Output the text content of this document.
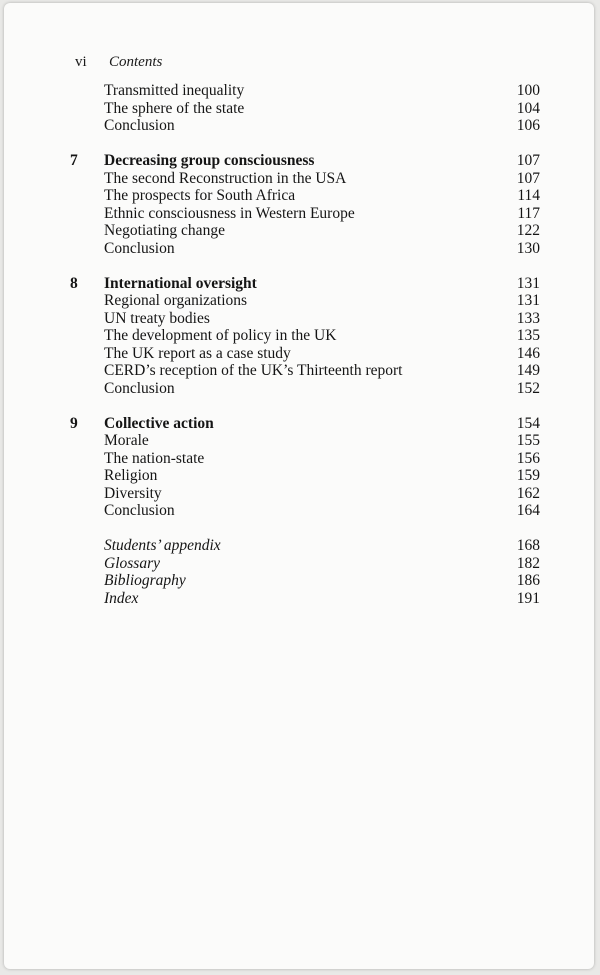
vi Contents
Transmitted inequality	100
The sphere of the state	104
Conclusion	106
7	Decreasing group consciousness	107
The second Reconstruction in the USA	107
The prospects for South Africa	114
Ethnic consciousness in Western Europe	117
Negotiating change	122
Conclusion	130
8	International oversight	131
Regional organizations	131
UN treaty bodies	133
The development of policy in the UK	135
The UK report as a case study	146
CERD’s reception of the UK’s Thirteenth report	149
Conclusion	152
9	Collective action	154
Morale	155
The nation-state	156
Religion	159
Diversity	162
Conclusion	164
Students’ appendix	168
Glossary	182
Bibliography	186
Index	191
